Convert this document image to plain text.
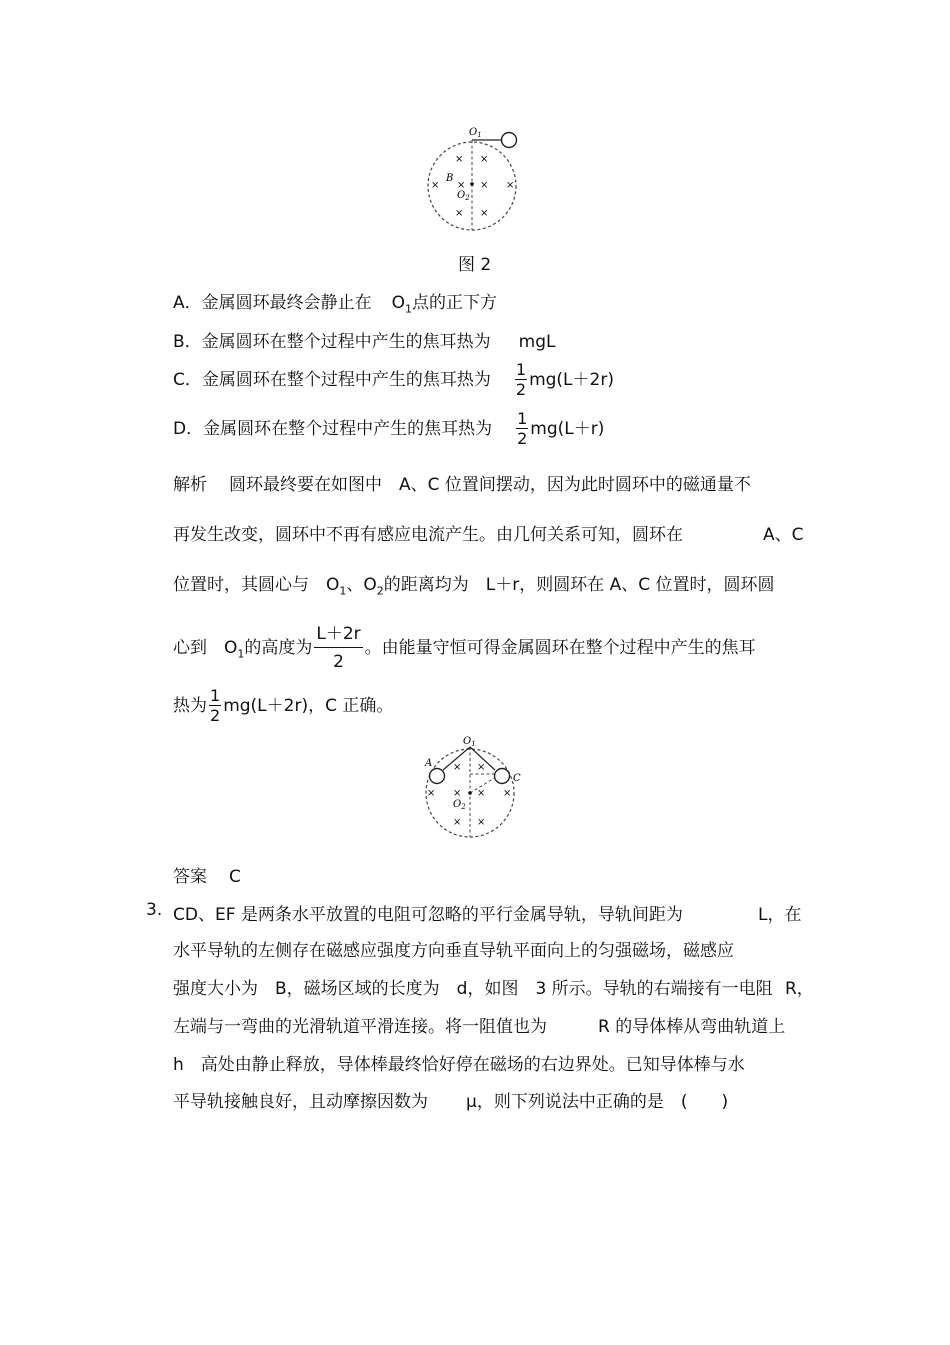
$O_1$
$O_2$
B
× ×
× × × ×
× ×
图 2
A．金属圆环最终会静止在 $O_1$点的正下方
B．金属圆环在整个过程中产生的焦耳热为 mgL
C．金属圆环在整个过程中产生的焦耳热为 $\frac{1}{2} mg(L+2r)$
D．金属圆环在整个过程中产生的焦耳热为 $\frac{1}{2} mg(L+r)$
解析 圆环最终要在如图中　A、C 位置间摆动，因为此时圆环中的磁通量不
再发生改变，圆环中不再有感应电流产生。由几何关系可知，圆环在	A、C
位置时，其圆心与　$O_1$、$O_2$的距离均为　L＋r，则圆环在 A、C 位置时，圆环圆
心到　$O_1$的高度为 $\frac{L+2r}{2}$ 。由能量守恒可得金属圆环在整个过程中产生的焦耳
热为 $\frac{1}{2} mg(L+2r)$，C 正确。
$O_1$
$O_2$
A
C
× ×
× × × ×
× ×
答案 C
3. CD、EF 是两条水平放置的电阻可忽略的平行金属导轨，导轨间距为	L，在
水平导轨的左侧存在磁感应强度方向垂直导轨平面向上的匀强磁场，磁感应
强度大小为　B，磁场区域的长度为　d，如图　3 所示。导轨的右端接有一电阻 R，
左端与一弯曲的光滑轨道平滑连接。将一阻值也为	R 的导体棒从弯曲轨道上
h　高处由静止释放，导体棒最终恰好停在磁场的右边界处。已知导体棒与水
平导轨接触良好，且动摩擦因数为 μ，则下列说法中正确的是　(　　)
